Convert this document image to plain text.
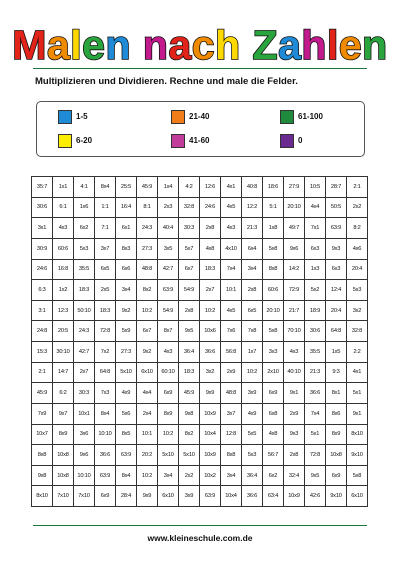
Malen nach Zahlen
Multiplizieren und Dividieren. Rechne und male die Felder.
1-5	21-40	61-100
6-20	41-60	0
35:7	1x1	4:1	8x4	25:5	45:9	1x4	4:2	12:6	4x1	40:8	18:6	27:9	10:5	28:7	2:1
30:6	6:1	1x6	1:1	16:4	8:1	2x3	32:8	24:6	4x5	12:2	5:1	20:10	4x4	50:5	2x2
3x1	4x3	6x2	7:1	6x1	24:3	40:4	30:3	2x8	4x3	21:3	1x8	49:7	7x1	63:9	8:2
30:9	60:6	5x3	3x7	8x3	27:3	3x5	5x7	4x8	4x10	6x4	5x8	9x6	6x3	9x3	4x6
24:6	16:8	35:5	6x5	6x6	48:8	42:7	6x7	18:3	7x4	3x4	8x8	14:2	1x3	6x3	20:4
6:3	1x2	18:3	2x5	3x4	8x2	63:9	54:9	2x7	10:1	2x8	60:6	72:9	5x2	12:4	5x3
3:1	12:3	50:10	18:3	9x2	10:2	54:9	2x8	10:2	4x5	6x5	20:10	21:7	18:9	20:4	3x2
24:8	20:5	24:3	72:8	5x9	6x7	8x7	9x5	10x6	7x6	7x8	5x8	70:10	30:6	64:8	32:8
15:3	30:10	42:7	7x2	27:3	9x2	4x3	36:4	36:6	56:8	1x7	3x3	4x3	35:5	1x5	2:2
2:1	14:7	2x7	64:8	5x10	6x10	60:10	18:3	3x2	2x9	10:2	2x10	40:10	21:3	9:3	4x1
45:9	6:2	30:3	7x3	4x9	4x4	6x9	45:9	9x9	48:8	3x9	6x9	9x1	36:6	8x1	5x1
7x9	9x7	10x1	8x4	5x6	2x4	8x9	9x8	10x9	3x7	4x9	6x8	2x9	7x4	8x6	9x1
10x7	8x9	3x6	10:10	8x5	10:1	10:2	8x2	10x4	12:8	5x5	4x8	9x3	5x1	8x9	8x10
8x8	10x8	9x6	36:6	63:9	20:2	5x10	5x10	10x9	8x8	5x3	56:7	2x8	72:8	10x8	9x10
9x8	10x8	10:10	63:9	8x4	10:2	3x4	2x2	10x2	3x4	36:4	6x2	32:4	9x5	6x9	5x8
8x10	7x10	7x10	6x9	28:4	9x9	6x10	3x9	63:9	10x4	36:6	63:4	10x9	42:6	9x10	6x10
www.kleineschule.com.de
